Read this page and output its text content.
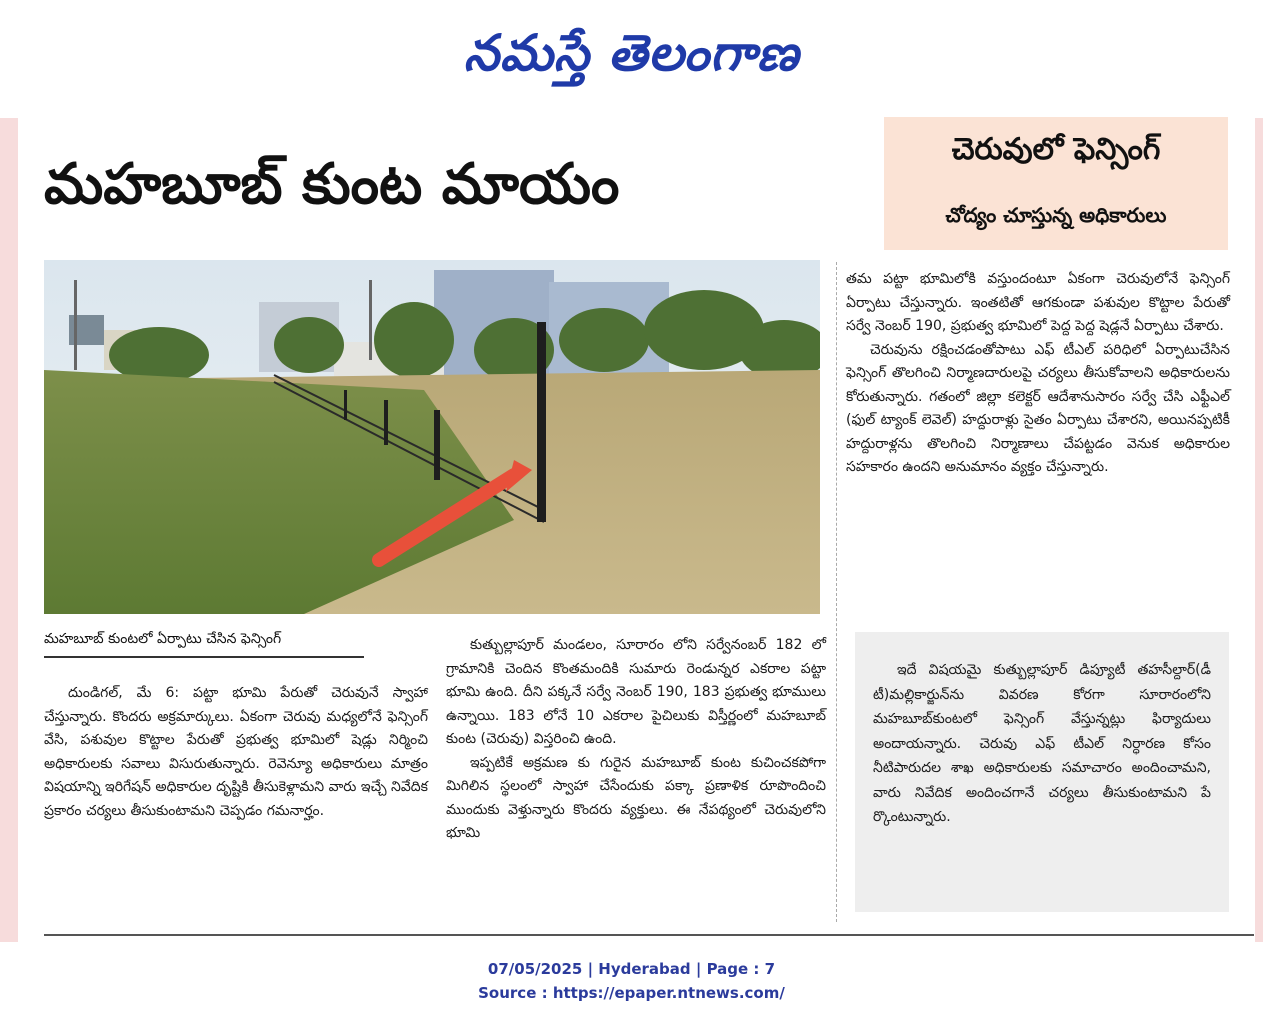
నమస్తే తెలంగాణ
మహబూబ్‌ కుంట మాయం
చెరువులో ఫెన్సింగ్‌
చోద్యం చూస్తున్న అధికారులు
మహబూబ్‌ కుంటలో ఏర్పాటు చేసిన ఫెన్సింగ్‌

దుండిగల్‌, మే 6: పట్టా భూమి పేరుతో చెరువునే స్వాహా చేస్తున్నారు. కొందరు అక్రమార్కులు. ఏకంగా చెరువు మధ్యలోనే ఫెన్సింగ్‌ వేసి, పశువుల కొట్టాల పేరుతో ప్రభుత్వ భూమిలో షెడ్లు నిర్మించి అధికారులకు సవాలు విసురుతున్నారు. రెవెన్యూ అధికారులు మాత్రం విషయాన్ని ఇరిగేషన్‌ అధికారుల దృష్టికి తీసుకెళ్లామని వారు ఇచ్చే నివేదిక ప్రకారం చర్యలు తీసుకుంటామని చెప్పడం గమనార్హం.

కుత్బుల్లాపూర్‌ మండలం, సూరారం లోని సర్వేనంబర్‌ 182 లో గ్రామానికి చెందిన కొంతమందికి సుమారు రెండున్నర ఎకరాల పట్టా భూమి ఉంది. దీని పక్కనే సర్వే నెంబర్‌ 190, 183 ప్రభుత్వ భూములు ఉన్నాయి. 183 లోనే 10 ఎకరాల పైచిలుకు విస్తీర్ణంలో మహబూబ్‌ కుంట (చెరువు) విస్తరించి ఉంది.
ఇప్పటికే అక్రమణ కు గురైన మహబూబ్‌ కుంట కుచించకపోగా మిగిలిన స్థలంలో స్వాహా చేసేందుకు పక్కా ప్రణాళిక రూపొందించి ముందుకు వెళ్తున్నారు కొందరు వ్యక్తులు. ఈ నేపథ్యంలో చెరువులోని భూమి
తమ పట్టా భూమిలోకి వస్తుందంటూ ఏకంగా చెరువులోనే ఫెన్సింగ్‌ ఏర్పాటు చేస్తున్నారు. ఇంతటితో ఆగకుండా పశువుల కొట్టాల పేరుతో సర్వే నెంబర్‌ 190, ప్రభుత్వ భూమిలో పెద్ద పెద్ద షెడ్లనే ఏర్పాటు చేశారు.
చెరువును రక్షించడంతోపాటు ఎఫ్‌ టీఎల్‌ పరిధిలో ఏర్పాటుచేసిన ఫెన్సింగ్‌ తొలగించి నిర్మాణదారులపై చర్యలు తీసుకోవాలని అధికారులను కోరుతున్నారు. గతంలో జిల్లా కలెక్టర్‌ ఆదేశానుసారం సర్వే చేసి ఎఫ్టీఎల్‌ (ఫుల్‌ ట్యాంక్‌ లెవెల్‌) హద్దురాళ్లు సైతం ఏర్పాటు చేశారని, అయినప్పటికీ హద్దురాళ్లను తొలగించి నిర్మాణాలు చేపట్టడం వెనుక అధికారుల సహకారం ఉందని అనుమానం వ్యక్తం చేస్తున్నారు.

ఇదే విషయమై కుత్బుల్లాపూర్‌ డిప్యూటీ తహసీల్దార్‌(డీ టీ)మల్లికార్జున్‌ను వివరణ కోరగా సూరారంలోని మహబూబ్‌కుంటలో ఫెన్సింగ్‌ వేస్తున్నట్లు ఫిర్యాదులు అందాయన్నారు. చెరువు ఎఫ్‌ టీఎల్‌ నిర్ధారణ కోసం నీటిపారుదల శాఖ అధికారులకు సమాచారం అందించామని, వారు నివేదిక అందించగానే చర్యలు తీసుకుంటామని పే ర్కొంటున్నారు.

07/05/2025 | Hyderabad | Page : 7
Source : https://epaper.ntnews.com/
